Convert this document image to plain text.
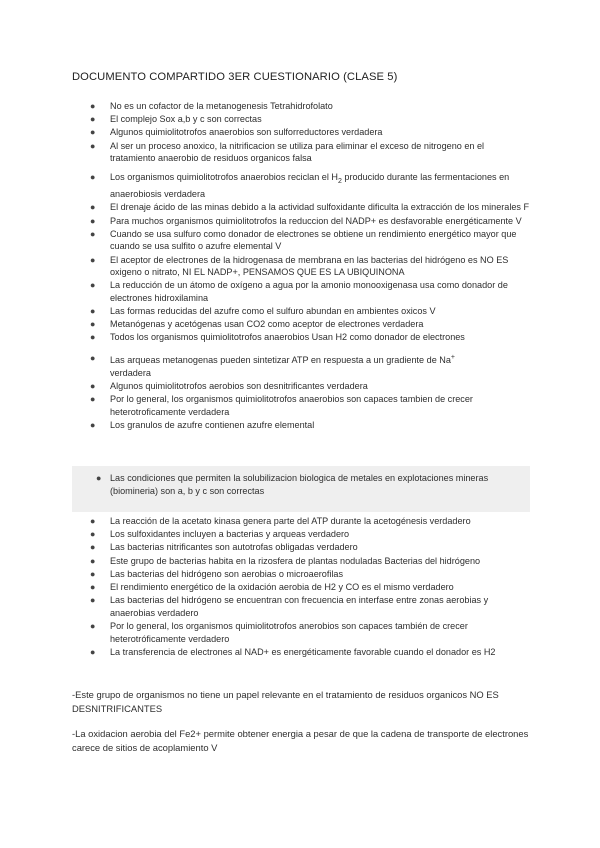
DOCUMENTO COMPARTIDO 3ER CUESTIONARIO (CLASE 5)
● No es un cofactor de la metanogenesis Tetrahidrofolato
● El complejo Sox a,b y c son correctas
● Algunos quimiolitotrofos anaerobios son sulforreductores verdadera
● Al ser un proceso anoxico, la nitrificacion se utiliza para eliminar el exceso de nitrogeno en el tratamiento anaerobio de residuos organicos falsa
● Los organismos quimiolitotrofos anaerobios reciclan el $H_2$ producido durante las fermentaciones en anaerobiosis verdadera
● El drenaje ácido de las minas debido a la actividad sulfoxidante dificulta la extracción de los minerales F
● Para muchos organismos quimiolitotrofos la reduccion del NADP+ es desfavorable energéticamente V
● Cuando se usa sulfuro como donador de electrones se obtiene un rendimiento energético mayor que cuando se usa sulfito o azufre elemental V
● El aceptor de electrones de la hidrogenasa de membrana en las bacterias del hidrógeno es NO ES oxigeno o nitrato, NI EL NADP+, PENSAMOS QUE ES LA UBIQUINONA
● La reducción de un átomo de oxígeno a agua por la amonio monooxigenasa usa como donador de electrones hidroxilamina
● Las formas reducidas del azufre como el sulfuro abundan en ambientes oxicos V
● Metanógenas y acetógenas usan CO2 como aceptor de electrones verdadera
● Todos los organismos quimiolitotrofos anaerobios Usan H2 como donador de electrones
● Las arqueas metanogenas pueden sintetizar ATP en respuesta a un gradiente de Na+
verdadera
● Algunos quimiolitotrofos aerobios son desnitrificantes verdadera
● Por lo general, los organismos quimiolitotrofos anaerobios son capaces tambien de crecer heterotroficamente verdadera
● Los granulos de azufre contienen azufre elemental
● Las condiciones que permiten la solubilizacion biologica de metales en explotaciones mineras (biomineria) son a, b y c son correctas
● La reacción de la acetato kinasa genera parte del ATP durante la acetogénesis verdadero
● Los sulfoxidantes incluyen a bacterias y arqueas verdadero
● Las bacterias nitrificantes son autotrofas obligadas verdadero
● Este grupo de bacterias habita en la rizosfera de plantas noduladas Bacterias del hidrógeno
● Las bacterias del hidrógeno son aerobias o microaerofilas
● El rendimiento energético de la oxidación aerobia de H2 y CO es el mismo verdadero
● Las bacterias del hidrógeno se encuentran con frecuencia en interfase entre zonas aerobias y anaerobias verdadero
● Por lo general, los organismos quimiolitotrofos anerobios son capaces también de crecer heterotróficamente verdadero
● La transferencia de electrones al NAD+ es energéticamente favorable cuando el donador es H2
-Este grupo de organismos no tiene un papel relevante en el tratamiento de residuos organicos NO ES DESNITRIFICANTES
-La oxidacion aerobia del Fe2+ permite obtener energia a pesar de que la cadena de transporte de electrones carece de sitios de acoplamiento V
